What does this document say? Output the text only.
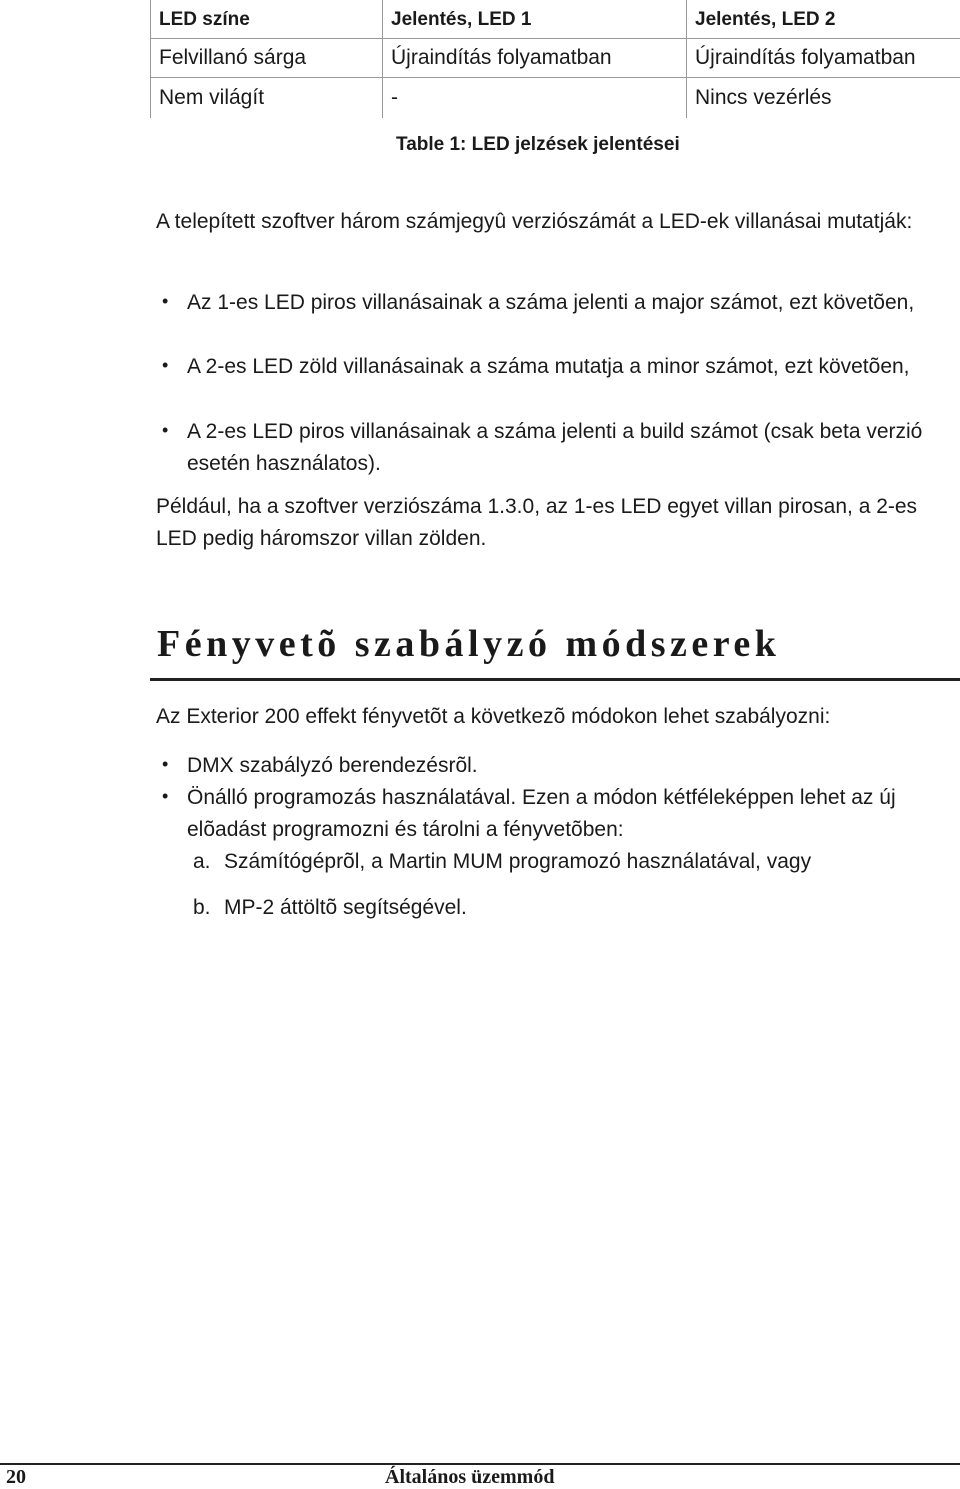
LED színe	Jelentés, LED 1	Jelentés, LED 2
Felvillanó sárga	Újraindítás folyamatban	Újraindítás folyamatban
Nem világít	-	Nincs vezérlés
Table 1: LED jelzések jelentései
A telepített szoftver három számjegyû verziószámát a LED-ek villanásai mutatják:
• Az 1-es LED piros villanásainak a száma jelenti a major számot, ezt követõen,
• A 2-es LED zöld villanásainak a száma mutatja a minor számot, ezt követõen,
• A 2-es LED piros villanásainak a száma jelenti a build számot (csak beta verzió esetén használatos).
Például, ha a szoftver verziószáma 1.3.0, az 1-es LED egyet villan pirosan, a 2-es LED pedig háromszor villan zölden.
Fényvetõ szabályzó módszerek
Az Exterior 200 effekt fényvetõt a következõ módokon lehet szabályozni:
• DMX szabályzó berendezésrõl.
• Önálló programozás használatával. Ezen a módon kétféleképpen lehet az új elõadást programozni és tárolni a fényvetõben:
a. Számítógéprõl, a Martin MUM programozó használatával, vagy
b. MP-2 áttöltõ segítségével.
20	Általános üzemmód
